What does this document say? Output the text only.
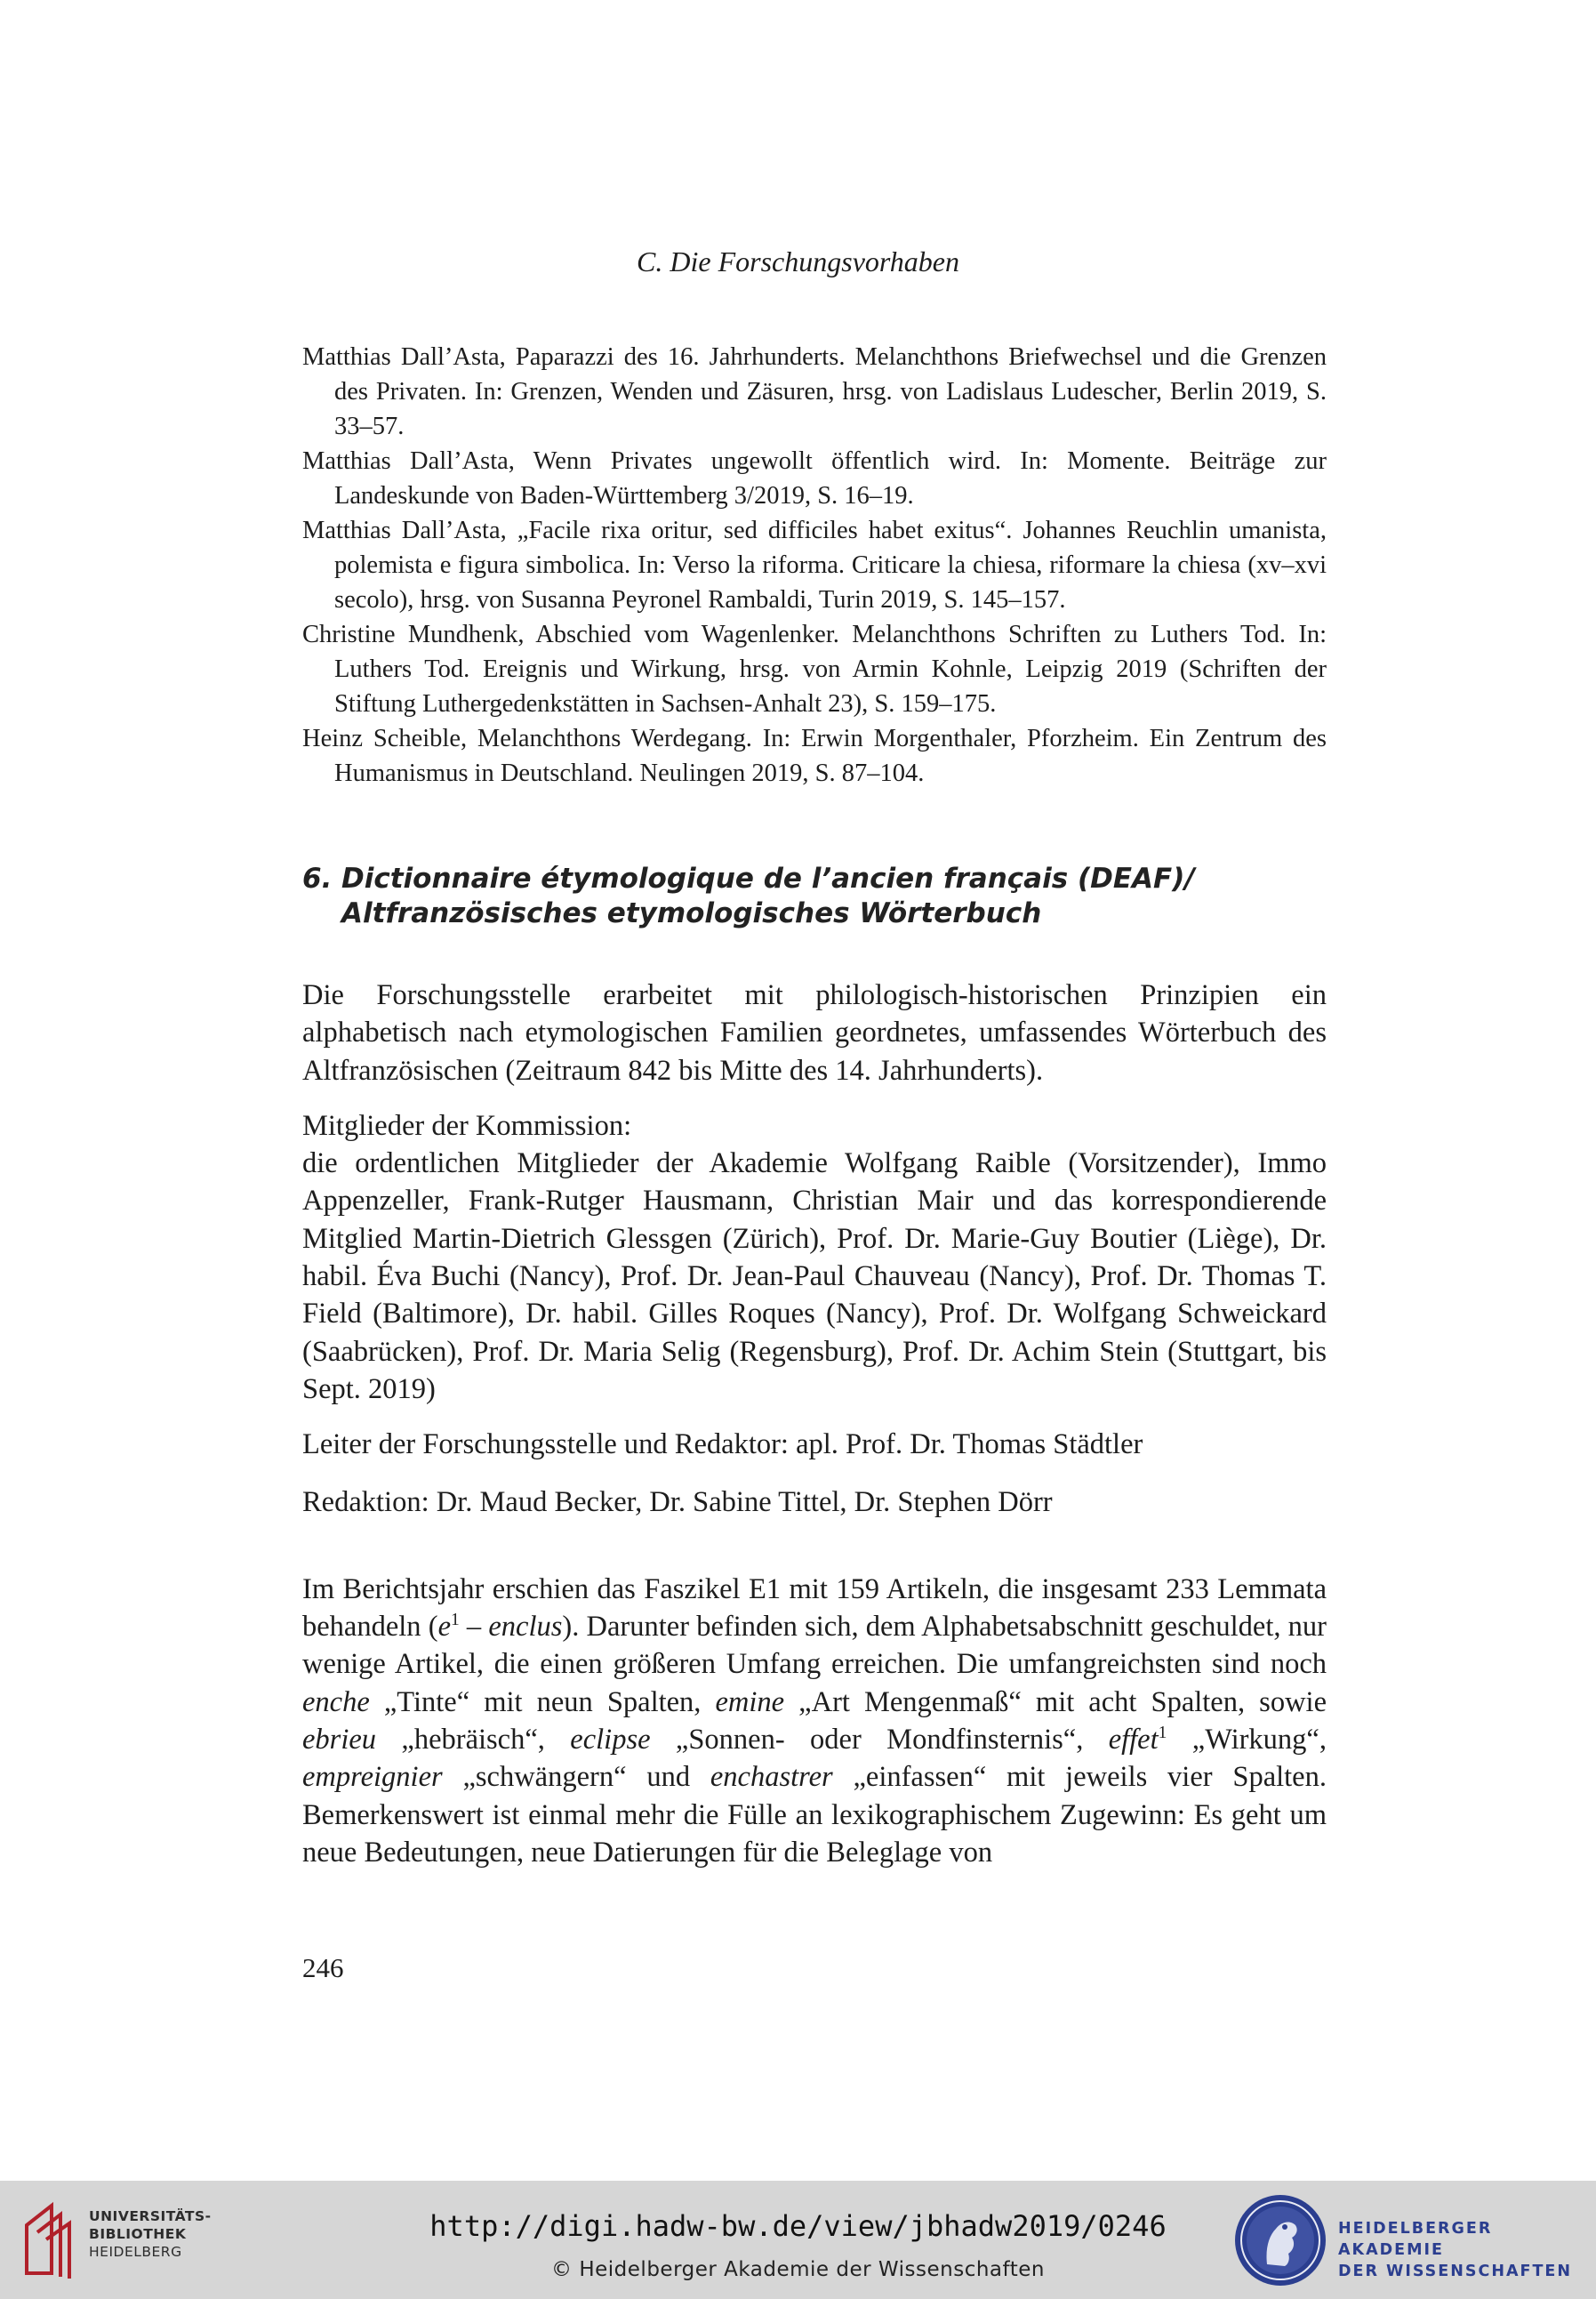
C. Die Forschungsvorhaben
Matthias Dall’Asta, Paparazzi des 16. Jahrhunderts. Melanchthons Briefwechsel und die Grenzen des Privaten. In: Grenzen, Wenden und Zäsuren, hrsg. von Ladislaus Ludescher, Berlin 2019, S. 33–57.
Matthias Dall’Asta, Wenn Privates ungewollt öffentlich wird. In: Momente. Beiträge zur Landeskunde von Baden-Württemberg 3/2019, S. 16–19.
Matthias Dall’Asta, „Facile rixa oritur, sed difficiles habet exitus“. Johannes Reuchlin umanista, polemista e figura simbolica. In: Verso la riforma. Criticare la chiesa, riformare la chiesa (xv–xvi secolo), hrsg. von Susanna Peyronel Rambaldi, Turin 2019, S. 145–157.
Christine Mundhenk, Abschied vom Wagenlenker. Melanchthons Schriften zu Luthers Tod. In: Luthers Tod. Ereignis und Wirkung, hrsg. von Armin Kohnle, Leipzig 2019 (Schriften der Stiftung Luthergedenkstätten in Sachsen-Anhalt 23), S. 159–175.
Heinz Scheible, Melanchthons Werdegang. In: Erwin Morgenthaler, Pforzheim. Ein Zentrum des Humanismus in Deutschland. Neulingen 2019, S. 87–104.
6. Dictionnaire étymologique de l’ancien français (DEAF)/
Altfranzösisches etymologisches Wörterbuch

Die Forschungsstelle erarbeitet mit philologisch-historischen Prinzipien ein alphabetisch nach etymologischen Familien geordnetes, umfassendes Wörterbuch des Altfranzösischen (Zeitraum 842 bis Mitte des 14. Jahrhunderts).

Mitglieder der Kommission:

die ordentlichen Mitglieder der Akademie Wolfgang Raible (Vorsitzender), Immo Appenzeller, Frank-Rutger Hausmann, Christian Mair und das korrespondierende Mitglied Martin-Dietrich Glessgen (Zürich), Prof. Dr. Marie-Guy Boutier (Liège), Dr. habil. Éva Buchi (Nancy), Prof. Dr. Jean-Paul Chauveau (Nancy), Prof. Dr. Thomas T. Field (Baltimore), Dr. habil. Gilles Roques (Nancy), Prof. Dr. Wolfgang Schweickard (Saabrücken), Prof. Dr. Maria Selig (Regensburg), Prof. Dr. Achim Stein (Stuttgart, bis Sept. 2019)

Leiter der Forschungsstelle und Redaktor: apl. Prof. Dr. Thomas Städtler

Redaktion: Dr. Maud Becker, Dr. Sabine Tittel, Dr. Stephen Dörr

Im Berichtsjahr erschien das Faszikel E1 mit 159 Artikeln, die insgesamt 233 Lemmata behandeln ($e^1$ – enclus). Darunter befinden sich, dem Alphabetsabschnitt geschuldet, nur wenige Artikel, die einen größeren Umfang erreichen. Die umfangreichsten sind noch enche „Tinte“ mit neun Spalten, emine „Art Mengenmaß“ mit acht Spalten, sowie ebrieu „hebräisch“, eclipse „Sonnen- oder Mondfinsternis“, effet$^1$ „Wirkung“, empreignier „schwängern“ und enchastrer „einfassen“ mit jeweils vier Spalten. Bemerkenswert ist einmal mehr die Fülle an lexikographischem Zugewinn: Es geht um neue Bedeutungen, neue Datierungen für die Beleglage von

246
UNIVERSITÄTS-
BIBLIOTHEK
HEIDELBERG
http://digi.hadw-bw.de/view/jbhadw2019/0246
© Heidelberger Akademie der Wissenschaften
HEIDELBERGER AKADEMIE
DER WISSENSCHAFTEN
